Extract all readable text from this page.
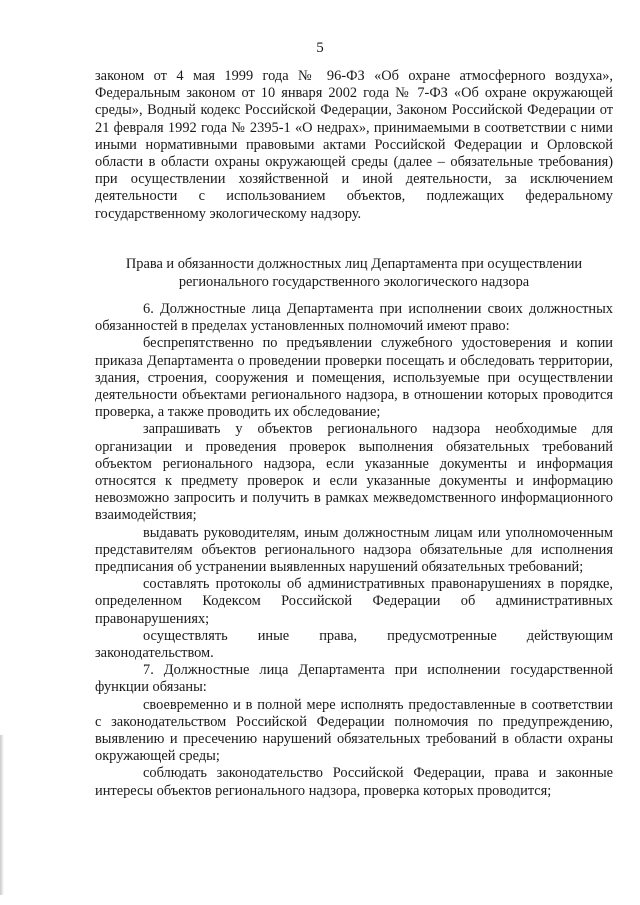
5

законом от 4 мая 1999 года № 96-ФЗ «Об охране атмосферного воздуха», Федеральным законом от 10 января 2002 года № 7-ФЗ «Об охране окружающей среды», Водный кодекс Российской Федерации, Законом Российской Федерации от 21 февраля 1992 года № 2395-1 «О недрах», принимаемыми в соответствии с ними иными нормативными правовыми актами Российской Федерации и Орловской области в области охраны окружающей среды (далее – обязательные требования) при осуществлении хозяйственной и иной деятельности, за исключением деятельности с использованием объектов, подлежащих федеральному государственному экологическому надзору.

Права и обязанности должностных лиц Департамента при осуществлении регионального государственного экологического надзора

6. Должностные лица Департамента при исполнении своих должностных обязанностей в пределах установленных полномочий имеют право:

беспрепятственно по предъявлении служебного удостоверения и копии приказа Департамента о проведении проверки посещать и обследовать территории, здания, строения, сооружения и помещения, используемые при осуществлении деятельности объектами регионального надзора, в отношении которых проводится проверка, а также проводить их обследование;

запрашивать у объектов регионального надзора необходимые для организации и проведения проверок выполнения обязательных требований объектом регионального надзора, если указанные документы и информация относятся к предмету проверок и если указанные документы и информацию невозможно запросить и получить в рамках межведомственного информационного взаимодействия;

выдавать руководителям, иным должностным лицам или уполномоченным представителям объектов регионального надзора обязательные для исполнения предписания об устранении выявленных нарушений обязательных требований;

составлять протоколы об административных правонарушениях в порядке, определенном Кодексом Российской Федерации об административных правонарушениях;

осуществлять иные права, предусмотренные действующим законодательством.

7. Должностные лица Департамента при исполнении государственной функции обязаны:

своевременно и в полной мере исполнять предоставленные в соответствии с законодательством Российской Федерации полномочия по предупреждению, выявлению и пресечению нарушений обязательных требований в области охраны окружающей среды;

соблюдать законодательство Российской Федерации, права и законные интересы объектов регионального надзора, проверка которых проводится;
